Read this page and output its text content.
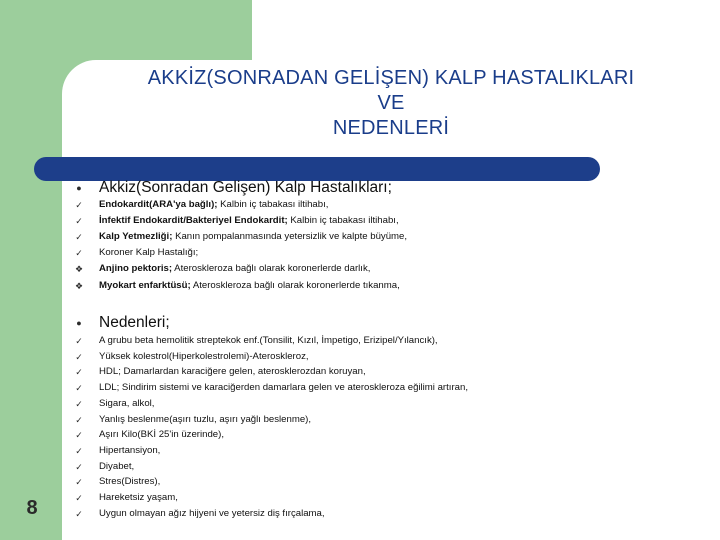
AKKİZ(SONRADAN GELİŞEN) KALP HASTALIKLARI
VE
NEDENLERİ
● Akkiz(Sonradan Gelişen) Kalp Hastalıkları;
✓	Endokardit(ARA'ya bağlı); Kalbin iç tabakası iltihabı,
✓	İnfektif Endokardit/Bakteriyel Endokardit; Kalbin iç tabakası iltihabı,
✓	Kalp Yetmezliği; Kanın pompalanmasında yetersizlik ve kalpte büyüme,
✓	Koroner Kalp Hastalığı;
❖	Anjino pektoris; Ateroskleroza bağlı olarak koronerlerde darlık,
❖	Myokart enfarktüsü; Ateroskleroza bağlı olarak koronerlerde tıkanma,
● Nedenleri;
✓	A grubu beta hemolitik streptekok enf.(Tonsilit, Kızıl, İmpetigo, Erizipel/Yılancık),
✓	Yüksek kolestrol(Hiperkolestrolemi)-Ateroskleroz,
✓	HDL; Damarlardan karaciğere gelen, aterosklerozdan koruyan,
✓	LDL; Sindirim sistemi ve karaciğerden damarlara gelen ve ateroskleroza eğilimi artıran,
✓	Sigara, alkol,
✓	Yanlış beslenme(aşırı tuzlu, aşırı yağlı beslenme),
✓	Aşırı Kilo(BKİ 25'in üzerinde),
✓	Hipertansiyon,
✓	Diyabet,
✓	Stres(Distres),
✓	Hareketsiz yaşam,
✓	Uygun olmayan ağız hijyeni ve yetersiz diş fırçalama,
8
